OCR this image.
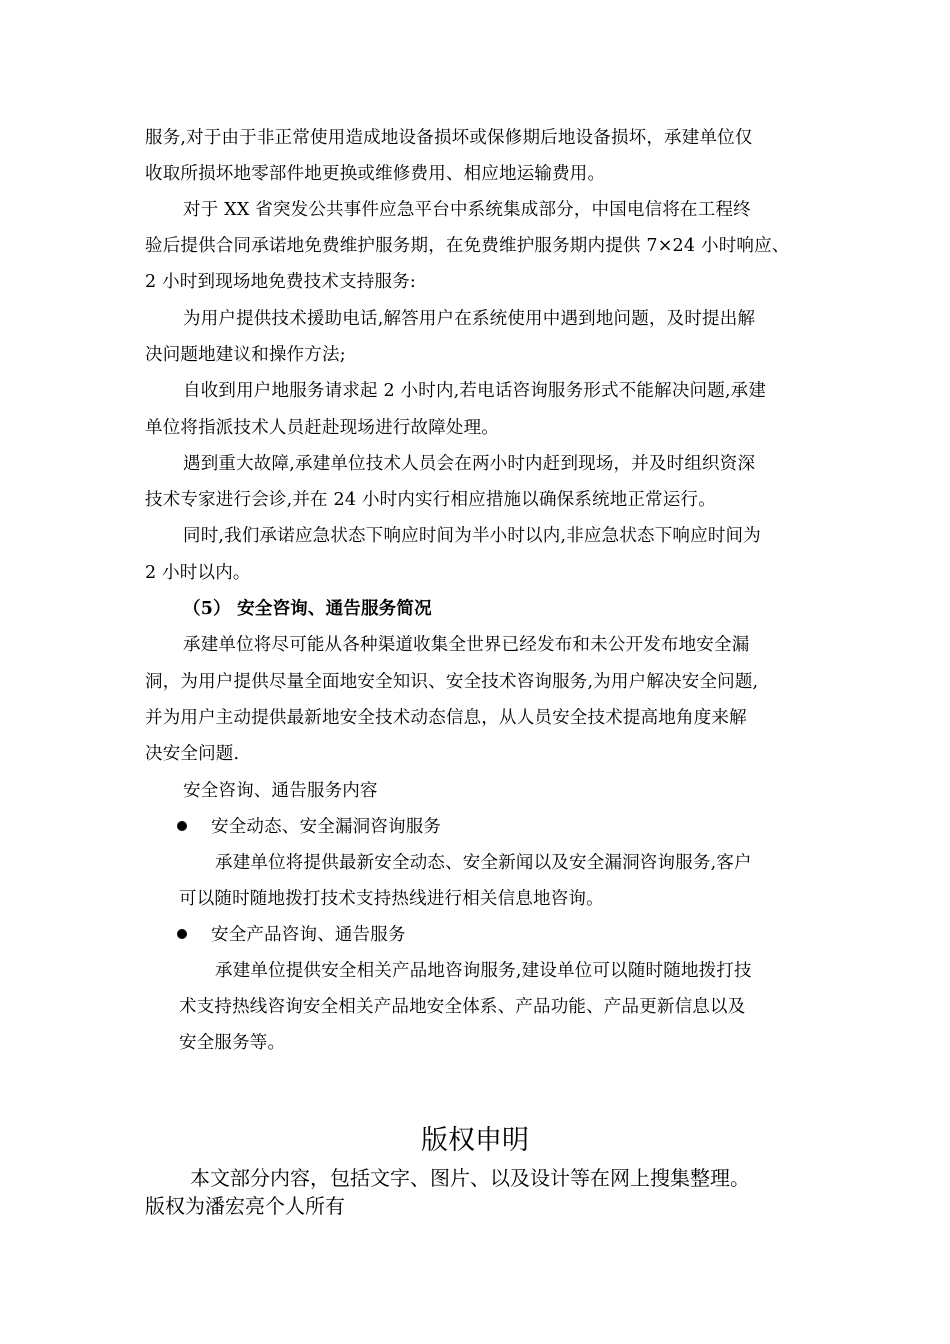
服务,对于由于非正常使用造成地设备损坏或保修期后地设备损坏，承建单位仅
收取所损坏地零部件地更换或维修费用、相应地运输费用。
对于 XX 省突发公共事件应急平台中系统集成部分，中国电信将在工程终
验后提供合同承诺地免费维护服务期，在免费维护服务期内提供 7×24 小时响应、
2 小时到现场地免费技术支持服务:
为用户提供技术援助电话,解答用户在系统使用中遇到地问题，及时提出解
决问题地建议和操作方法;
自收到用户地服务请求起 2 小时内,若电话咨询服务形式不能解决问题,承建
单位将指派技术人员赶赴现场进行故障处理。
遇到重大故障,承建单位技术人员会在两小时内赶到现场，并及时组织资深
技术专家进行会诊,并在 24 小时内实行相应措施以确保系统地正常运行。
同时,我们承诺应急状态下响应时间为半小时以内,非应急状态下响应时间为
2 小时以内。
（5） 安全咨询、通告服务简况
承建单位将尽可能从各种渠道收集全世界已经发布和未公开发布地安全漏
洞，为用户提供尽量全面地安全知识、安全技术咨询服务,为用户解决安全问题,
并为用户主动提供最新地安全技术动态信息，从人员安全技术提高地角度来解
决安全问题.
安全咨询、通告服务内容
安全动态、安全漏洞咨询服务
承建单位将提供最新安全动态、安全新闻以及安全漏洞咨询服务,客户
可以随时随地拨打技术支持热线进行相关信息地咨询。
安全产品咨询、通告服务
承建单位提供安全相关产品地咨询服务,建设单位可以随时随地拨打技
术支持热线咨询安全相关产品地安全体系、产品功能、产品更新信息以及
安全服务等。
版权申明
本文部分内容，包括文字、图片、以及设计等在网上搜集整理。
版权为潘宏亮个人所有
